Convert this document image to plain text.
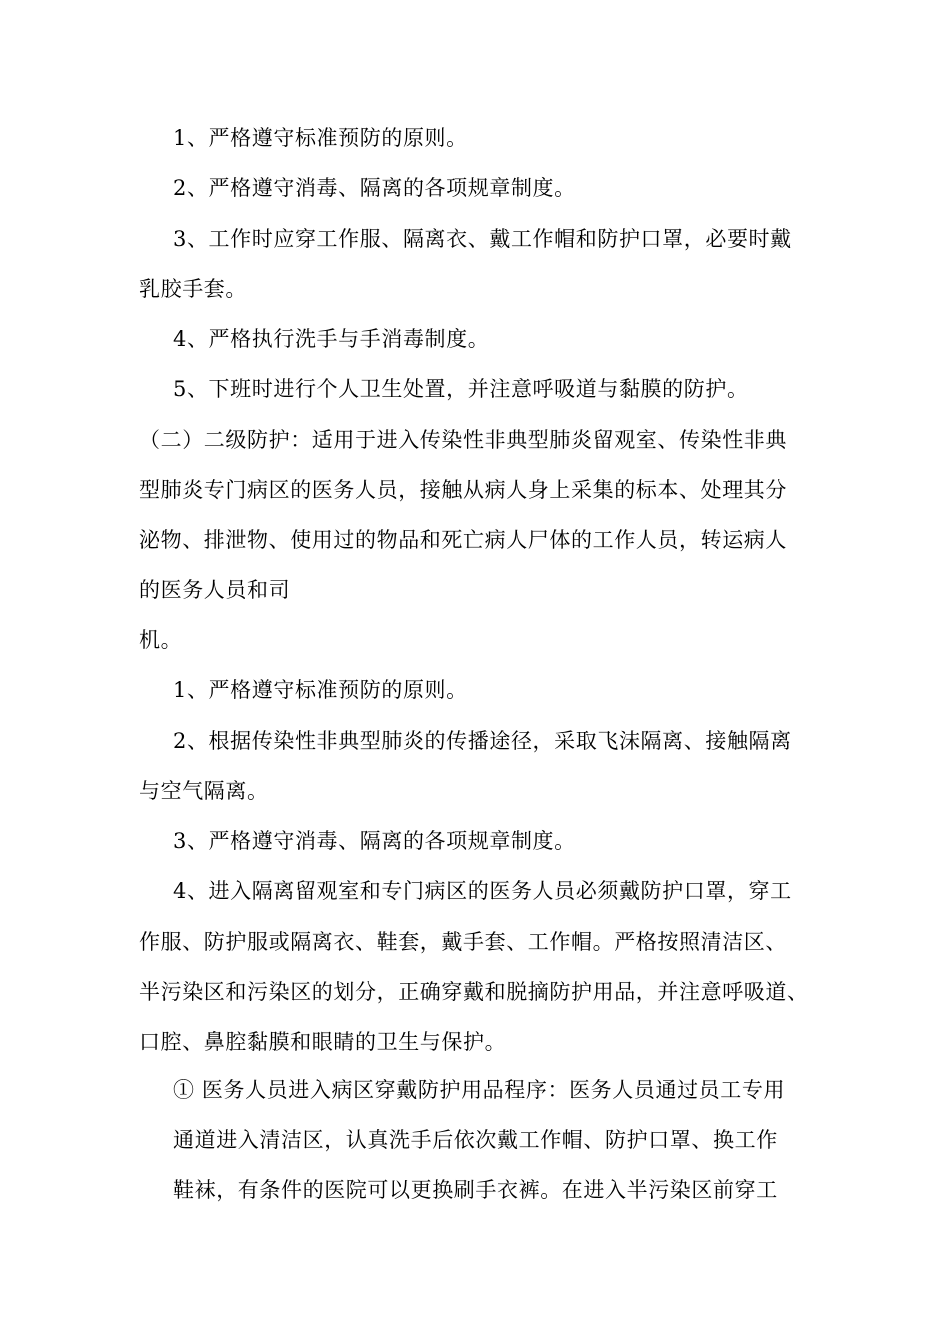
1、严格遵守标准预防的原则。
2、严格遵守消毒、隔离的各项规章制度。
3、工作时应穿工作服、隔离衣、戴工作帽和防护口罩，必要时戴
乳胶手套。
4、严格执行洗手与手消毒制度。
5、下班时进行个人卫生处置，并注意呼吸道与黏膜的防护。
（二）二级防护：适用于进入传染性非典型肺炎留观室、传染性非典
型肺炎专门病区的医务人员，接触从病人身上采集的标本、处理其分
泌物、排泄物、使用过的物品和死亡病人尸体的工作人员，转运病人
的医务人员和司
机。
1、严格遵守标准预防的原则。
2、根据传染性非典型肺炎的传播途径，采取飞沫隔离、接触隔离
与空气隔离。
3、严格遵守消毒、隔离的各项规章制度。
4、进入隔离留观室和专门病区的医务人员必须戴防护口罩，穿工
作服、防护服或隔离衣、鞋套，戴手套、工作帽。严格按照清洁区、
半污染区和污染区的划分，正确穿戴和脱摘防护用品，并注意呼吸道、
口腔、鼻腔黏膜和眼睛的卫生与保护。
① 医务人员进入病区穿戴防护用品程序：医务人员通过员工专用
通道进入清洁区，认真洗手后依次戴工作帽、防护口罩、换工作
鞋袜，有条件的医院可以更换刷手衣裤。在进入半污染区前穿工
